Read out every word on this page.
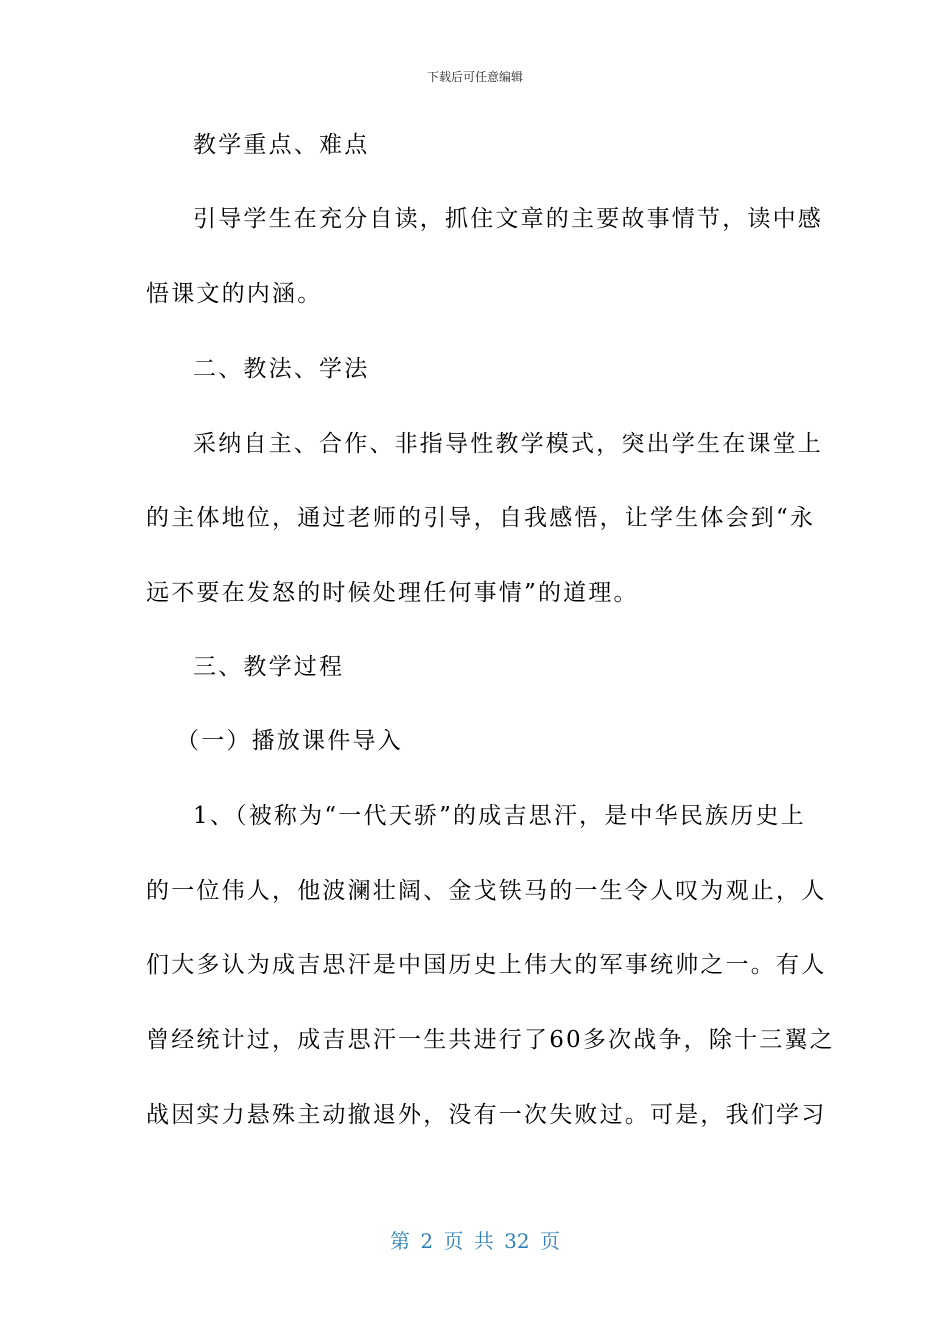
下载后可任意编辑
教学重点、难点
引导学生在充分自读，抓住文章的主要故事情节，读中感
悟课文的内涵。
二、教法、学法
采纳自主、合作、非指导性教学模式，突出学生在课堂上
的主体地位，通过老师的引导，自我感悟，让学生体会到“永
远不要在发怒的时候处理任何事情”的道理。
三、教学过程
（一）播放课件导入
1、（被称为“一代天骄”的成吉思汗，是中华民族历史上
的一位伟人，他波澜壮阔、金戈铁马的一生令人叹为观止，人
们大多认为成吉思汗是中国历史上伟大的军事统帅之一。有人
曾经统计过，成吉思汗一生共进行了60多次战争，除十三翼之
战因实力悬殊主动撤退外，没有一次失败过。可是，我们学习
第 2 页 共 32 页
